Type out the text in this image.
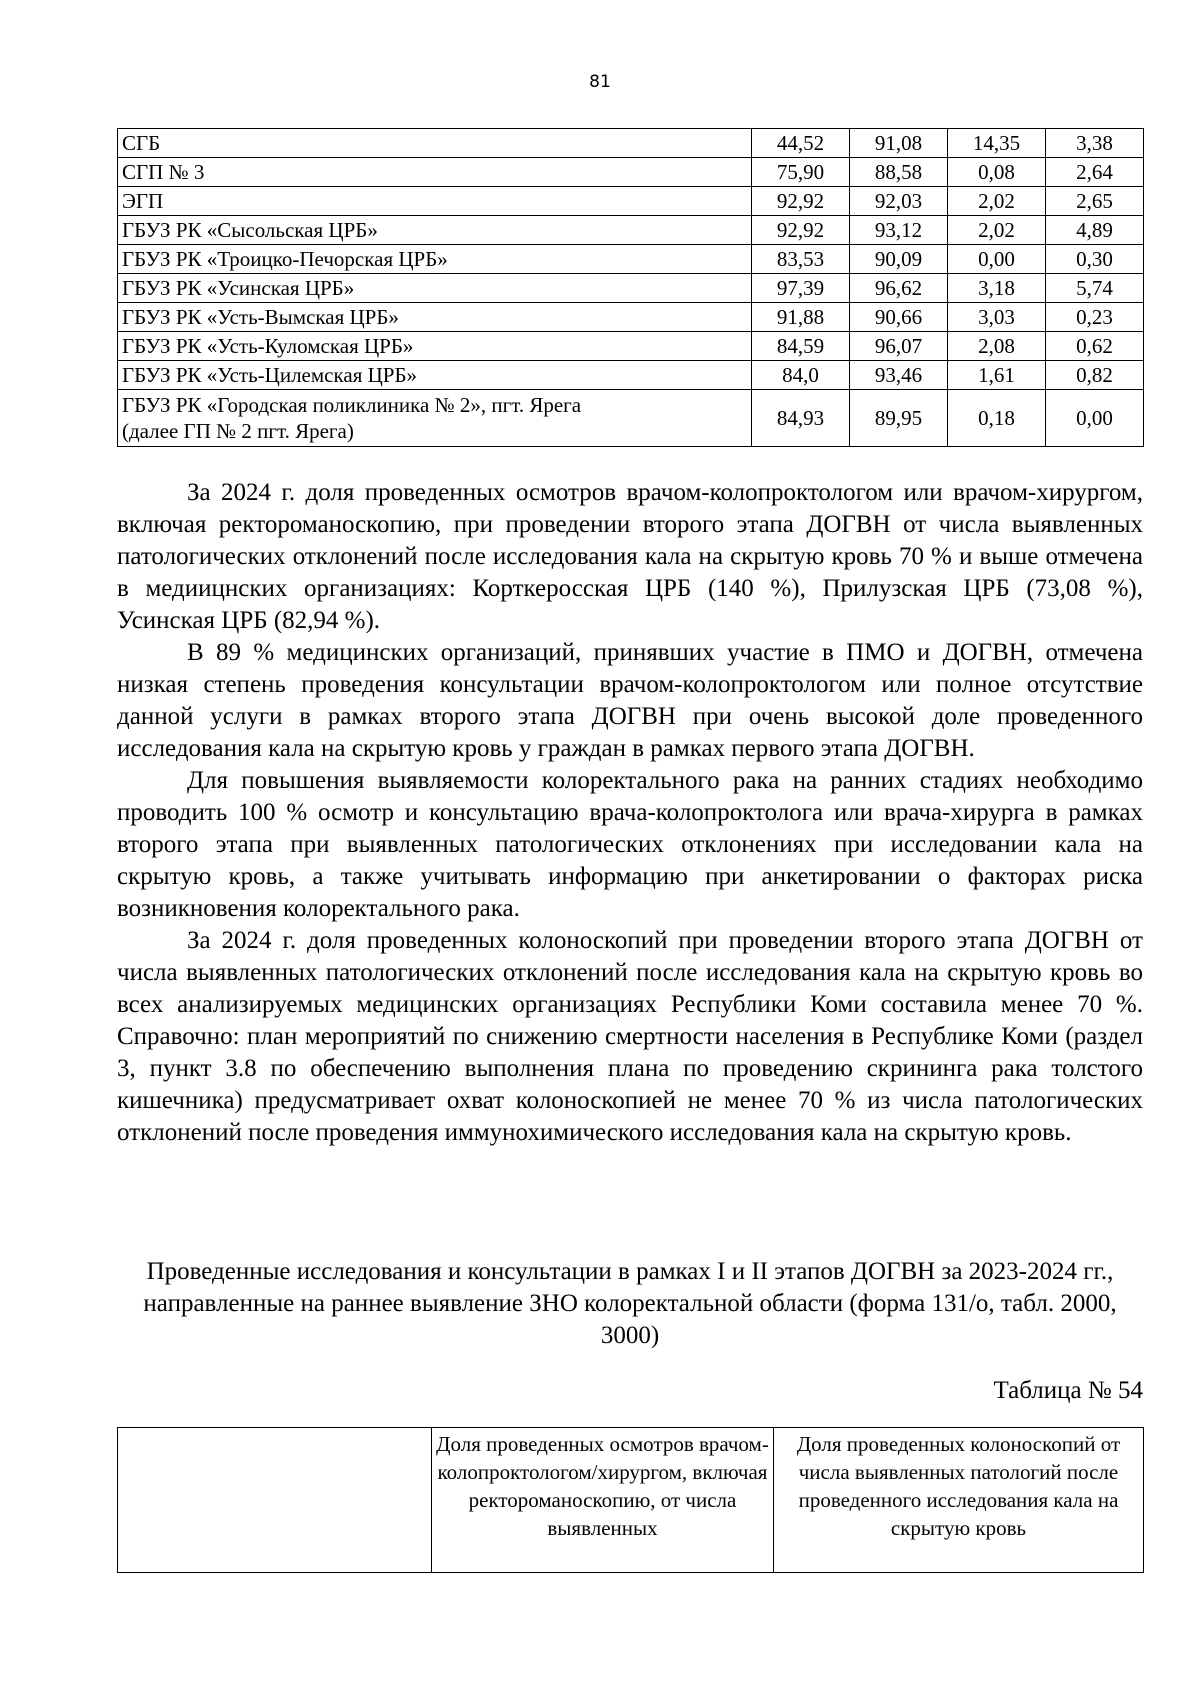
81
СГБ	44,52	91,08	14,35	3,38
СГП № 3	75,90	88,58	0,08	2,64
ЭГП	92,92	92,03	2,02	2,65
ГБУЗ РК «Сысольская ЦРБ»	92,92	93,12	2,02	4,89
ГБУЗ РК «Троицко-Печорская ЦРБ»	83,53	90,09	0,00	0,30
ГБУЗ РК «Усинская ЦРБ»	97,39	96,62	3,18	5,74
ГБУЗ РК «Усть-Вымская ЦРБ»	91,88	90,66	3,03	0,23
ГБУЗ РК «Усть-Куломская ЦРБ»	84,59	96,07	2,08	0,62
ГБУЗ РК «Усть-Цилемская ЦРБ»	84,0	93,46	1,61	0,82
ГБУЗ РК «Городская поликлиника № 2», пгт. Ярега
(далее ГП № 2 пгт. Ярега)	84,93	89,95	0,18	0,00

За 2024 г. доля проведенных осмотров врачом-колопроктологом или врачом-хирургом, включая ректороманоскопию, при проведении второго этапа ДОГВН от числа выявленных патологических отклонений после исследования кала на скрытую кровь 70 % и выше отмечена в медиицнских организациях: Корткеросская ЦРБ (140 %), Прилузская ЦРБ (73,08 %), Усинская ЦРБ (82,94 %).

В 89 % медицинских организаций, принявших участие в ПМО и ДОГВН, отмечена низкая степень проведения консультации врачом-колопроктологом или полное отсутствие данной услуги в рамках второго этапа ДОГВН при очень высокой доле проведенного исследования кала на скрытую кровь у граждан в рамках первого этапа ДОГВН.

Для повышения выявляемости колоректального рака на ранних стадиях необходимо проводить 100 % осмотр и консультацию врача-колопроктолога или врача-хирурга в рамках второго этапа при выявленных патологических отклонениях при исследовании кала на скрытую кровь, а также учитывать информацию при анкетировании о факторах риска возникновения колоректального рака.

За 2024 г. доля проведенных колоноскопий при проведении второго этапа ДОГВН от числа выявленных патологических отклонений после исследования кала на скрытую кровь во всех анализируемых медицинских организациях Республики Коми составила менее 70 %. Справочно: план мероприятий по снижению смертности населения в Республике Коми (раздел 3, пункт 3.8 по обеспечению выполнения плана по проведению скрининга рака толстого кишечника) предусматривает охват колоноскопией не менее 70 % из числа патологических отклонений после проведения иммунохимического исследования кала на скрытую кровь.

Проведенные исследования и консультации в рамках I и II этапов ДОГВН за 2023-2024 гг., направленные на раннее выявление ЗНО колоректальной области (форма 131/о, табл. 2000, 3000)
Таблица № 54
	Доля проведенных осмотров врачом-колопроктологом/хирургом, включая ректороманоскопию, от числа выявленных	Доля проведенных колоноскопий от числа выявленных патологий после проведенного исследования кала на скрытую кровь
